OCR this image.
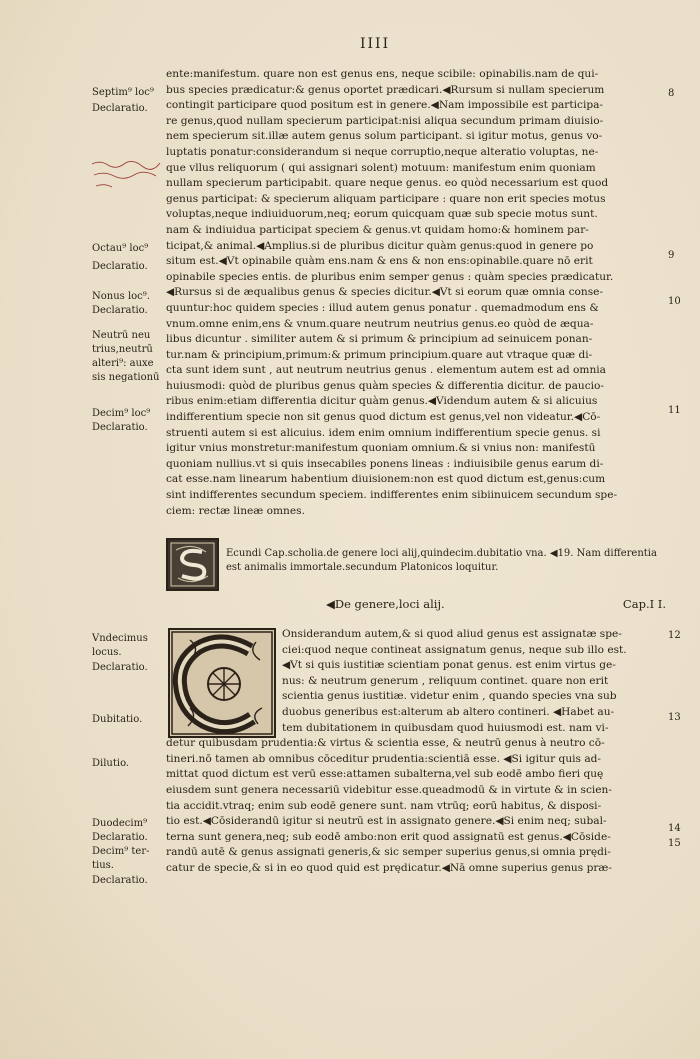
IIII
Septim⁹ loc⁹
Declaratio.
Octau⁹ loc⁹
Declaratio.
Nonus loc⁹.
Declaratio.
Neutrū neu
trius,neutrū
alteri⁹: auxe
sis negationū
Decim⁹ loc⁹
Declaratio.
Vndecimus
locus.
Declaratio.
Dubitatio.
Dilutio.
Duodecim⁹
Declaratio.
Decim⁹ ter-
tius.
Declaratio.
8
9
10
11
12
13
14
15
ente:manifestum. quare non est genus ens, neque scibile: opinabilis.nam de qui-
bus species prædicatur:& genus oportet prædicari.◀Rursum si nullam specierum
contingit participare quod positum est in genere.◀Nam impossibile est participa-
re genus,quod nullam specierum participat:nisi aliqua secundum primam diuisio-
nem specierum sit.illæ autem genus solum participant. si igitur motus, genus vo-
luptatis ponatur:considerandum si neque corruptio,neque alteratio voluptas, ne-
que vllus reliquorum ( qui assignari solent) motuum: manifestum enim quoniam
nullam specierum participabit. quare neque genus. eo quòd necessarium est quod
genus participat: & specierum aliquam participare : quare non erit species motus
voluptas,neque indiuiduorum,neq; eorum quicquam quæ sub specie motus sunt.
nam & indiuidua participat speciem & genus.vt quidam homo:& hominem par-
ticipat,& animal.◀Amplius.si de pluribus dicitur quàm genus:quod in genere po
situm est.◀Vt opinabile quàm ens.nam & ens & non ens:opinabile.quare nō erit
opinabile species entis. de pluribus enim semper genus : quàm species prædicatur.
◀Rursus si de æqualibus genus & species dicitur.◀Vt si eorum quæ omnia conse-
quuntur:hoc quidem species : illud autem genus ponatur . quemadmodum ens &
vnum.omne enim,ens & vnum.quare neutrum neutrius genus.eo quòd de æqua-
libus dicuntur . similiter autem & si primum & principium ad seinuicem ponan-
tur.nam & principium,primum:& primum principium.quare aut vtraque quæ di-
cta sunt idem sunt , aut neutrum neutrius genus . elementum autem est ad omnia
huiusmodi: quòd de pluribus genus quàm species & differentia dicitur. de paucio-
ribus enim:etiam differentia dicitur quàm genus.◀Videndum autem & si alicuius
indifferentium specie non sit genus quod dictum est genus,vel non videatur.◀Cō-
struenti autem si est alicuius. idem enim omnium indifferentium specie genus. si
igitur vnius monstretur:manifestum quoniam omnium.& si vnius non: manifestū
quoniam nullius.vt si quis insecabiles ponens lineas : indiuisibile genus earum di-
cat esse.nam linearum habentium diuisionem:non est quod dictum est,genus:cum
sint indifferentes secundum speciem. indifferentes enim sibiinuicem secundum spe-
ciem: rectæ lineæ omnes.
Ecundi Cap.scholia.de genere loci alij,quindecim.dubitatio vna. ◀19. Nam differentia
est animalis immortale.secundum Platonicos loquitur.
◀De genere,loci alij.	Cap.I I.
Onsiderandum autem,& si quod aliud genus est assignatæ spe-
ciei:quod neque contineat assignatum genus, neque sub illo est.
◀Vt si quis iustitiæ scientiam ponat genus. est enim virtus ge-
nus: & neutrum generum , reliquum continet. quare non erit
scientia genus iustitiæ. videtur enim , quando species vna sub
duobus generibus est:alterum ab altero contineri. ◀Habet au-
tem dubitationem in quibusdam quod huiusmodi est. nam vi-
detur quibusdam prudentia:& virtus & scientia esse, & neutrū genus à neutro cō-
tineri.nō tamen ab omnibus cōceditur prudentia:scientiā esse. ◀Si igitur quis ad-
mittat quod dictum est verū esse:attamen subalterna,vel sub eodē ambo fieri quę
eiusdem sunt genera necessariū videbitur esse.queadmodū & in virtute & in scien-
tia accidit.vtraq; enim sub eodē genere sunt. nam vtrūq; eorū habitus, & disposi-
tio est.◀Cōsiderandū igitur si neutrū est in assignato genere.◀Si enim neq; subal-
terna sunt genera,neq; sub eodē ambo:non erit quod assignatū est genus.◀Cōside-
randū autē & genus assignati generis,& sic semper superius genus,si omnia prędi-
catur de specie,& si in eo quod quid est prędicatur.◀Nā omne superius genus præ-
